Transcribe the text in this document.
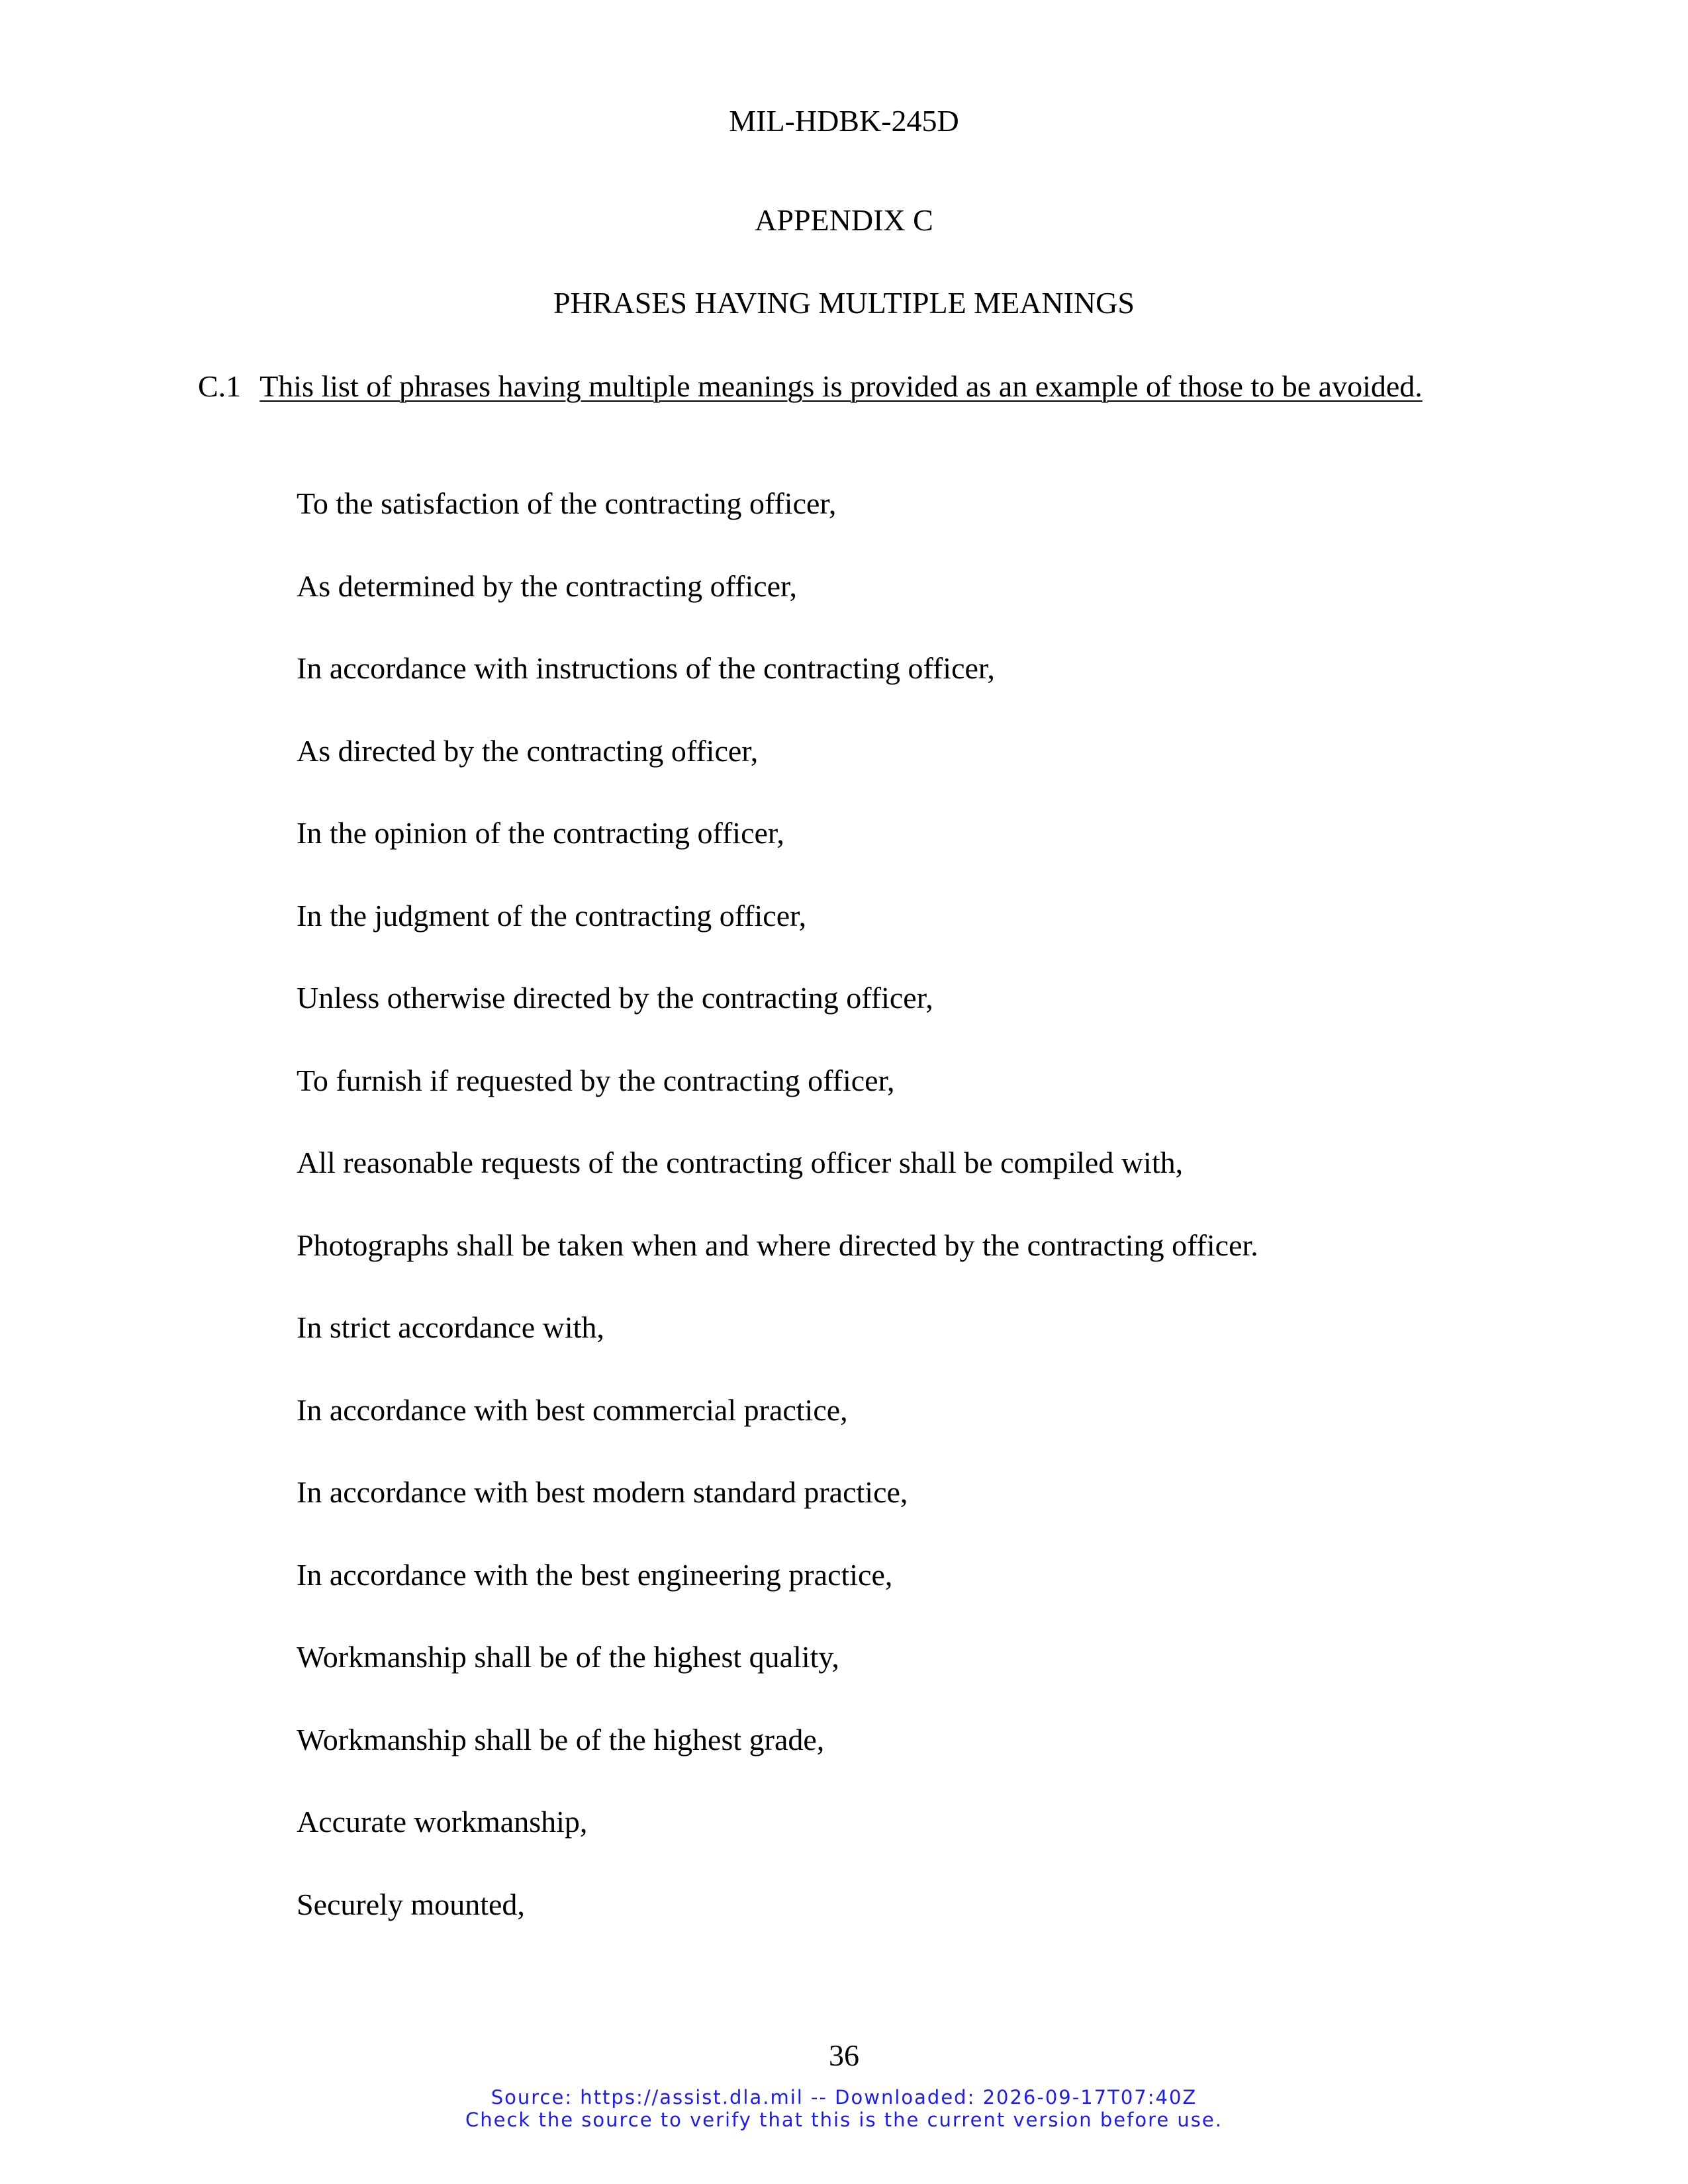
MIL-HDBK-245D
APPENDIX C
PHRASES HAVING MULTIPLE MEANINGS
C.1 This list of phrases having multiple meanings is provided as an example of those to be avoided.
To the satisfaction of the contracting officer,
As determined by the contracting officer,
In accordance with instructions of the contracting officer,
As directed by the contracting officer,
In the opinion of the contracting officer,
In the judgment of the contracting officer,
Unless otherwise directed by the contracting officer,
To furnish if requested by the contracting officer,
All reasonable requests of the contracting officer shall be compiled with,
Photographs shall be taken when and where directed by the contracting officer.
In strict accordance with,
In accordance with best commercial practice,
In accordance with best modern standard practice,
In accordance with the best engineering practice,
Workmanship shall be of the highest quality,
Workmanship shall be of the highest grade,
Accurate workmanship,
Securely mounted,
36
Source: https://assist.dla.mil -- Downloaded: 2026-09-17T07:40Z
Check the source to verify that this is the current version before use.
